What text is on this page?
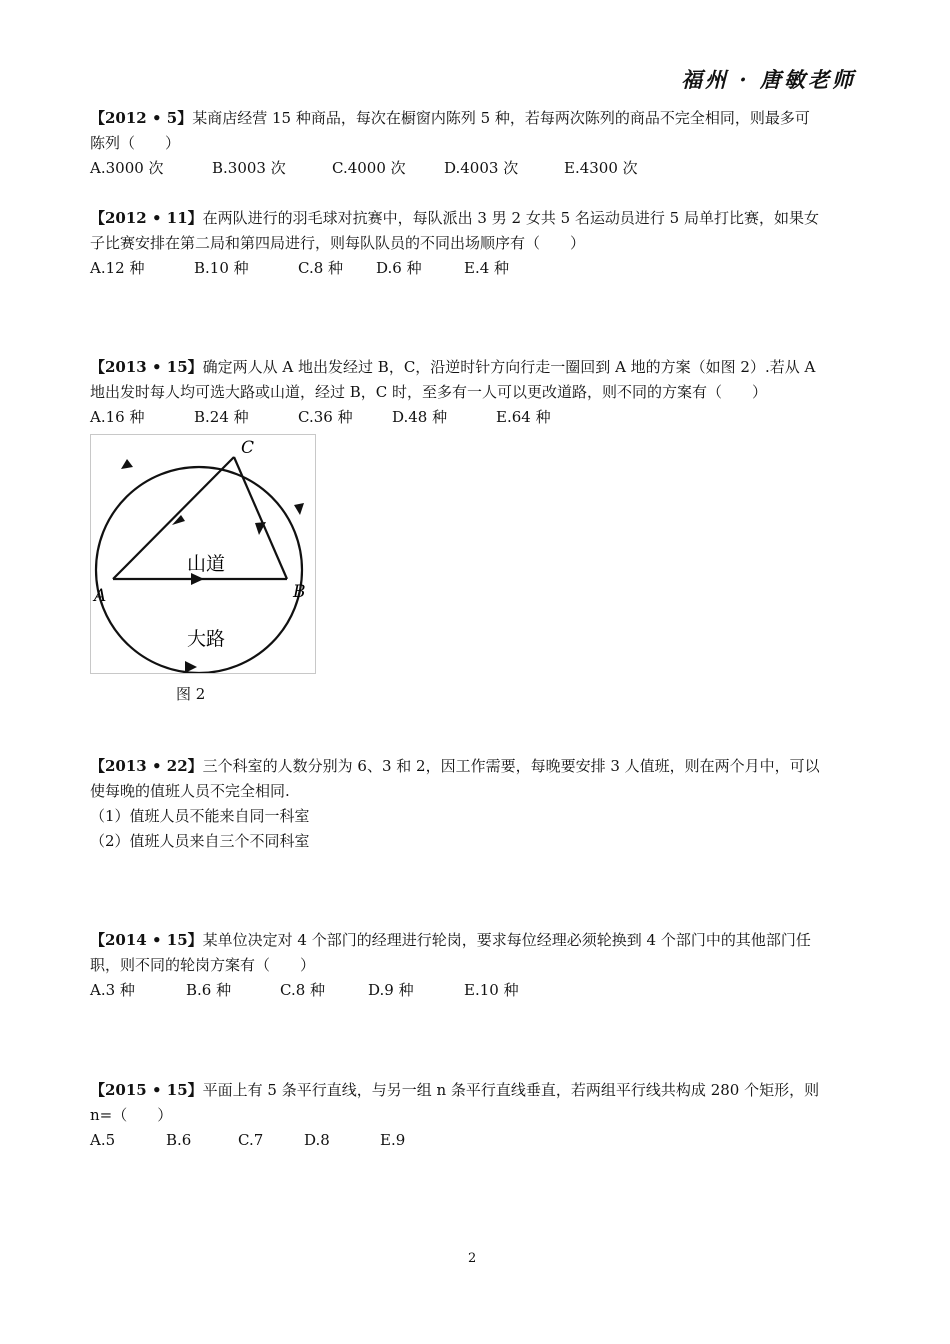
福州 · 唐敏老师
【2012 • 5】某商店经营 15 种商品，每次在橱窗内陈列 5 种，若每两次陈列的商品不完全相同，则最多可
陈列（　　）
A.3000 次	B.3003 次	C.4000 次	D.4003 次	E.4300 次
【2012 • 11】在两队进行的羽毛球对抗赛中，每队派出 3 男 2 女共 5 名运动员进行 5 局单打比赛，如果女
子比赛安排在第二局和第四局进行，则每队队员的不同出场顺序有（　　）
A.12 种	B.10 种	C.8 种 D.6 种	E.4 种
【2013 • 15】确定两人从 A 地出发经过 B，C，沿逆时针方向行走一圈回到 A 地的方案（如图 2）.若从 A
地出发时每人均可选大路或山道，经过 B，C 时，至多有一人可以更改道路，则不同的方案有（　　）
A.16 种	B.24 种	C.36 种	D.48 种	E.64 种
山道
大路
A	B
C
图 2
【2013 • 22】三个科室的人数分别为 6、3 和 2，因工作需要，每晚要安排 3 人值班，则在两个月中，可以
使每晚的值班人员不完全相同.
（1）值班人员不能来自同一科室
（2）值班人员来自三个不同科室
【2014 • 15】某单位决定对 4 个部门的经理进行轮岗，要求每位经理必须轮换到 4 个部门中的其他部门任
职，则不同的轮岗方案有（　　）
A.3 种	B.6 种	C.8 种	D.9 种	E.10 种
【2015 • 15】平面上有 5 条平行直线，与另一组 n 条平行直线垂直，若两组平行线共构成 280 个矩形，则
n=（　　）
A.5	B.6	C.7	D.8	E.9
2
